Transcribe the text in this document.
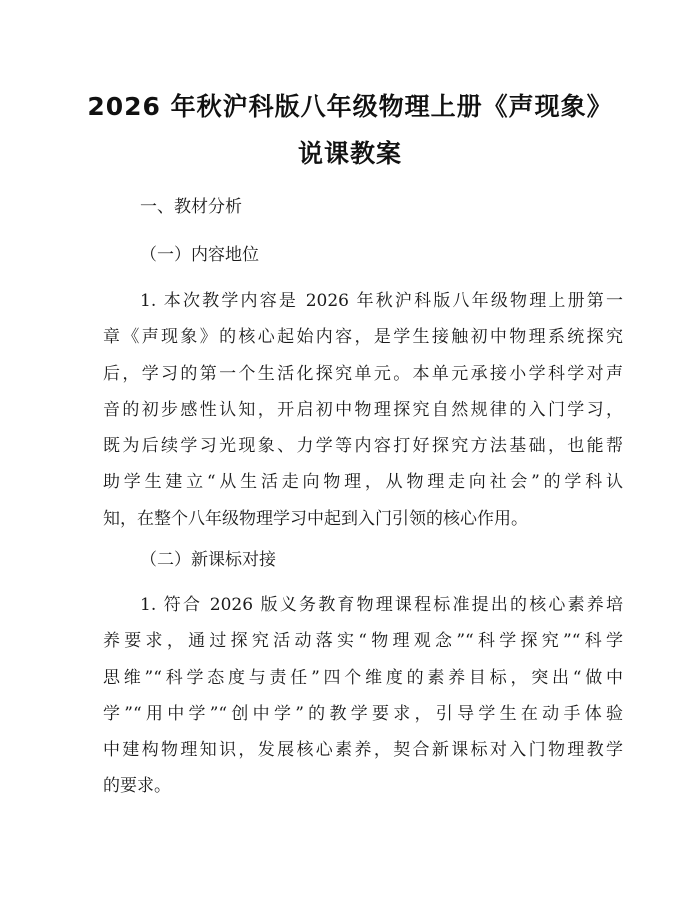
2026 年秋沪科版八年级物理上册《声现象》
说课教案
一、教材分析
（一）内容地位
1. 本次教学内容是 2026 年秋沪科版八年级物理上册第一
章《声现象》的核心起始内容，是学生接触初中物理系统探究
后，学习的第一个生活化探究单元。本单元承接小学科学对声
音的初步感性认知，开启初中物理探究自然规律的入门学习，
既为后续学习光现象、力学等内容打好探究方法基础，也能帮
助学生建立“从生活走向物理，从物理走向社会”的学科认
知，在整个八年级物理学习中起到入门引领的核心作用。
（二）新课标对接
1. 符合 2026 版义务教育物理课程标准提出的核心素养培
养要求，通过探究活动落实“物理观念”“科学探究”“科学
思维”“科学态度与责任”四个维度的素养目标，突出“做中
学”“用中学”“创中学”的教学要求，引导学生在动手体验
中建构物理知识，发展核心素养，契合新课标对入门物理教学
的要求。
